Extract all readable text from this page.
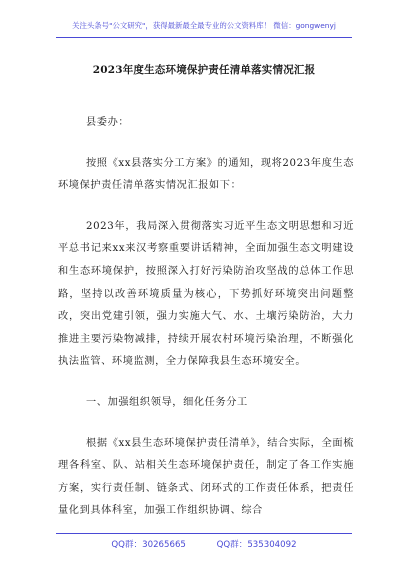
关注头条号"公文研究"，获得最新最全最专业的公文资料库！ 微信：gongwenyj
2023年度生态环境保护责任清单落实情况汇报

县委办：

按照《xx县落实分工方案》的通知，现将2023年度生态环境保护责任清单落实情况汇报如下：

2023年，我局深入贯彻落实习近平生态文明思想和习近平总书记来xx来汉考察重要讲话精神，全面加强生态文明建设和生态环境保护，按照深入打好污染防治攻坚战的总体工作思路，坚持以改善环境质量为核心，下势抓好环境突出问题整改，突出党建引领，强力实施大气、水、土壤污染防治，大力推进主要污染物减排，持续开展农村环境污染治理，不断强化执法监管、环境监测，全力保障我县生态环境安全。

一、加强组织领导，细化任务分工

根据《xx县生态环境保护责任清单》，结合实际，全面梳理各科室、队、站相关生态环境保护责任，制定了各工作实施方案，实行责任制、链条式、闭环式的工作责任体系，把责任量化到具体科室，加强工作组织协调、综合

QQ群：30265665	QQ群：535304092
